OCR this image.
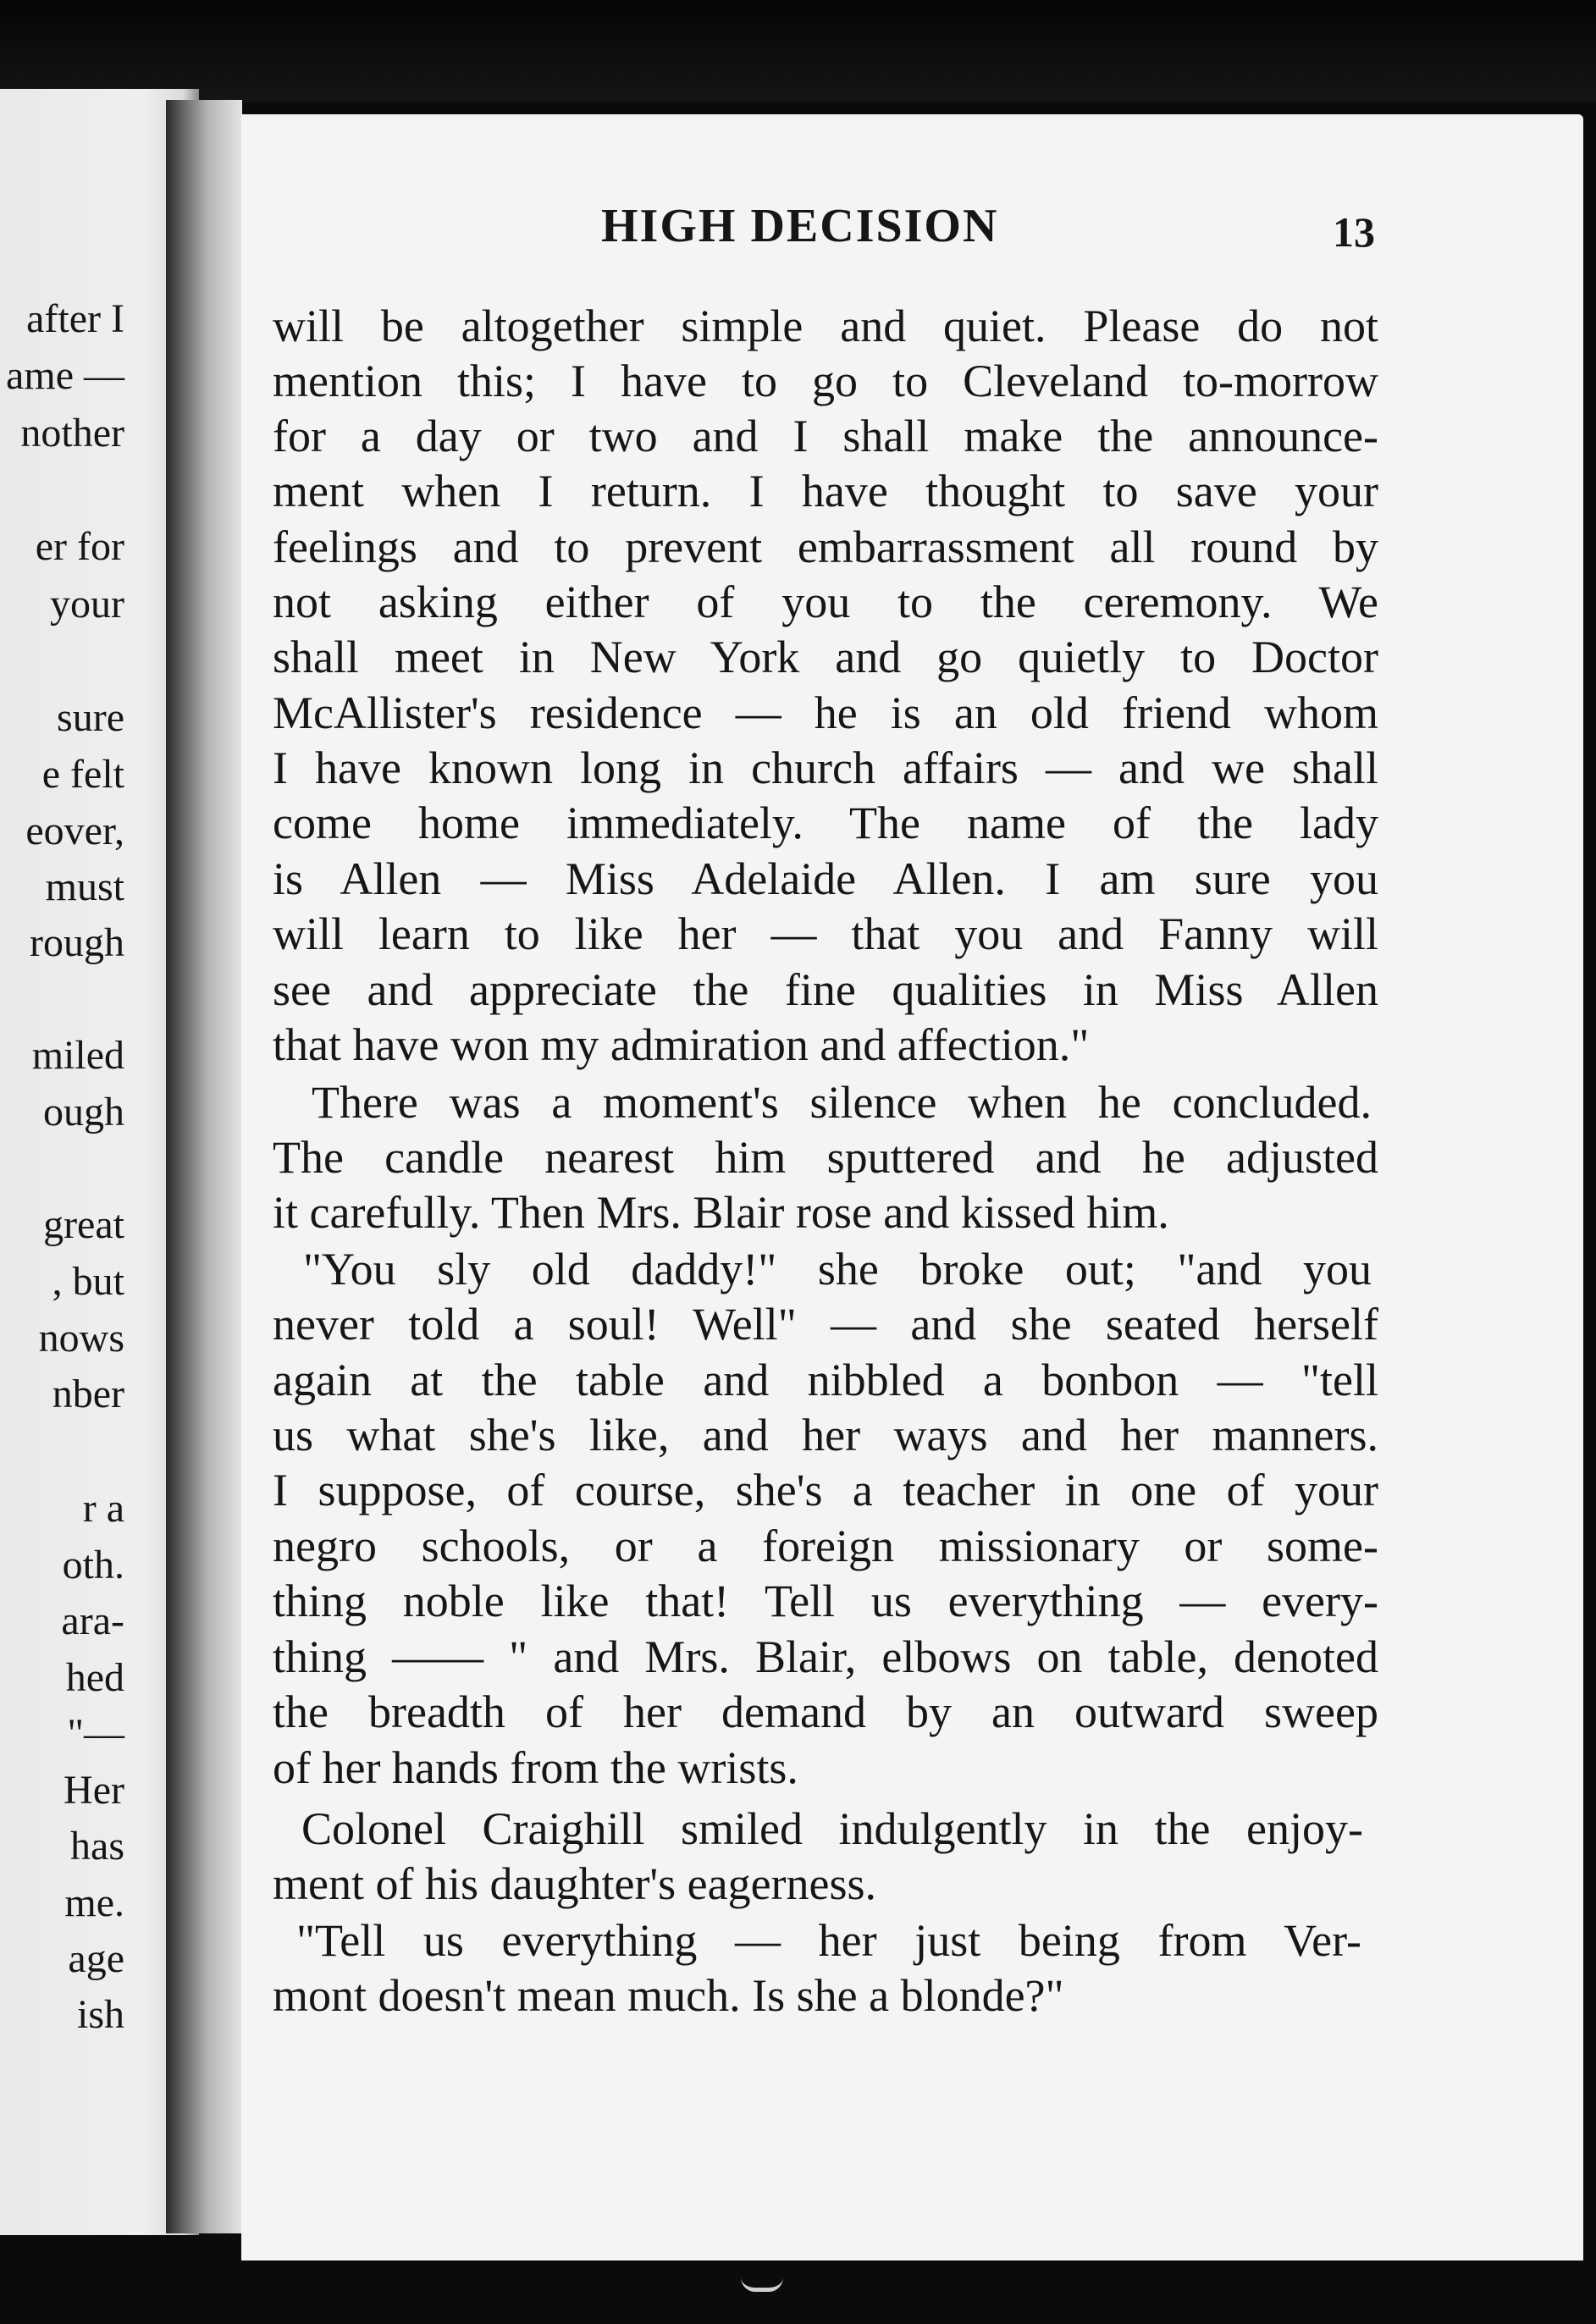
after I
ame —
nother
er for
your
sure
e felt
eover,
must
rough
miled
ough
great
, but
nows
nber
r a
oth.
ara-
hed
"—
Her
has
me.
age
ish
HIGH DECISION	13
will be altogether simple and quiet. Please do not
mention this; I have to go to Cleveland to-morrow
for a day or two and I shall make the announce-
ment when I return. I have thought to save your
feelings and to prevent embarrassment all round by
not asking either of you to the ceremony. We
shall meet in New York and go quietly to Doctor
McAllister's residence — he is an old friend whom
I have known long in church affairs — and we shall
come home immediately. The name of the lady
is Allen — Miss Adelaide Allen. I am sure you
will learn to like her — that you and Fanny will
see and appreciate the fine qualities in Miss Allen
that have won my admiration and affection."
There was a moment's silence when he concluded.
The candle nearest him sputtered and he adjusted
it carefully. Then Mrs. Blair rose and kissed him.
"You sly old daddy!" she broke out; "and you
never told a soul! Well" — and she seated herself
again at the table and nibbled a bonbon — "tell
us what she's like, and her ways and her manners.
I suppose, of course, she's a teacher in one of your
negro schools, or a foreign missionary or some-
thing noble like that! Tell us everything — every-
thing —— " and Mrs. Blair, elbows on table, denoted
the breadth of her demand by an outward sweep
of her hands from the wrists.
Colonel Craighill smiled indulgently in the enjoy-
ment of his daughter's eagerness.
"Tell us everything — her just being from Ver-
mont doesn't mean much. Is she a blonde?"
